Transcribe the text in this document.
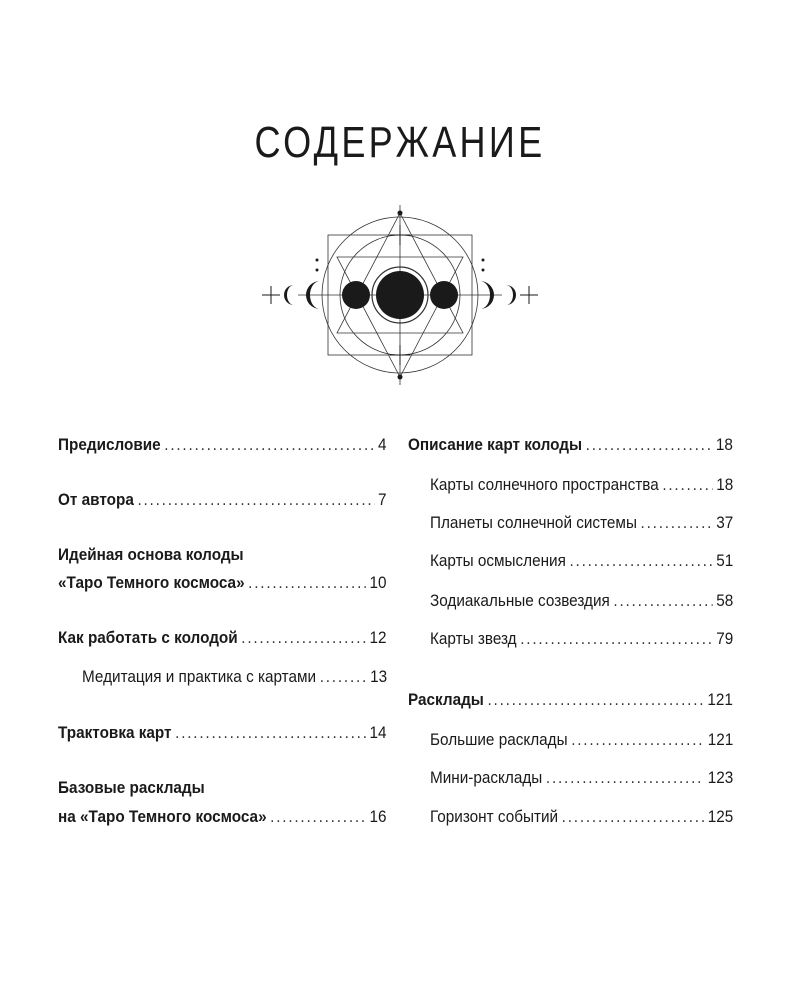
СОДЕРЖАНИЕ
Предисловие .....	4
От автора .....	7
Идейная основа колоды
«Таро Темного космоса» .....	10
Как работать с колодой .....	12
Медитация и практика с картами .....	13
Трактовка карт .....	14
Базовые расклады
на «Таро Темного космоса» .....	16
Описание карт колоды .....	18
Карты солнечного пространства .....	18
Планеты солнечной системы .....	37
Карты осмысления .....	51
Зодиакальные созвездия .....	58
Карты звезд .....	79
Расклады .....	121
Большие расклады .....	121
Мини-расклады .....	123
Горизонт событий .....	125
